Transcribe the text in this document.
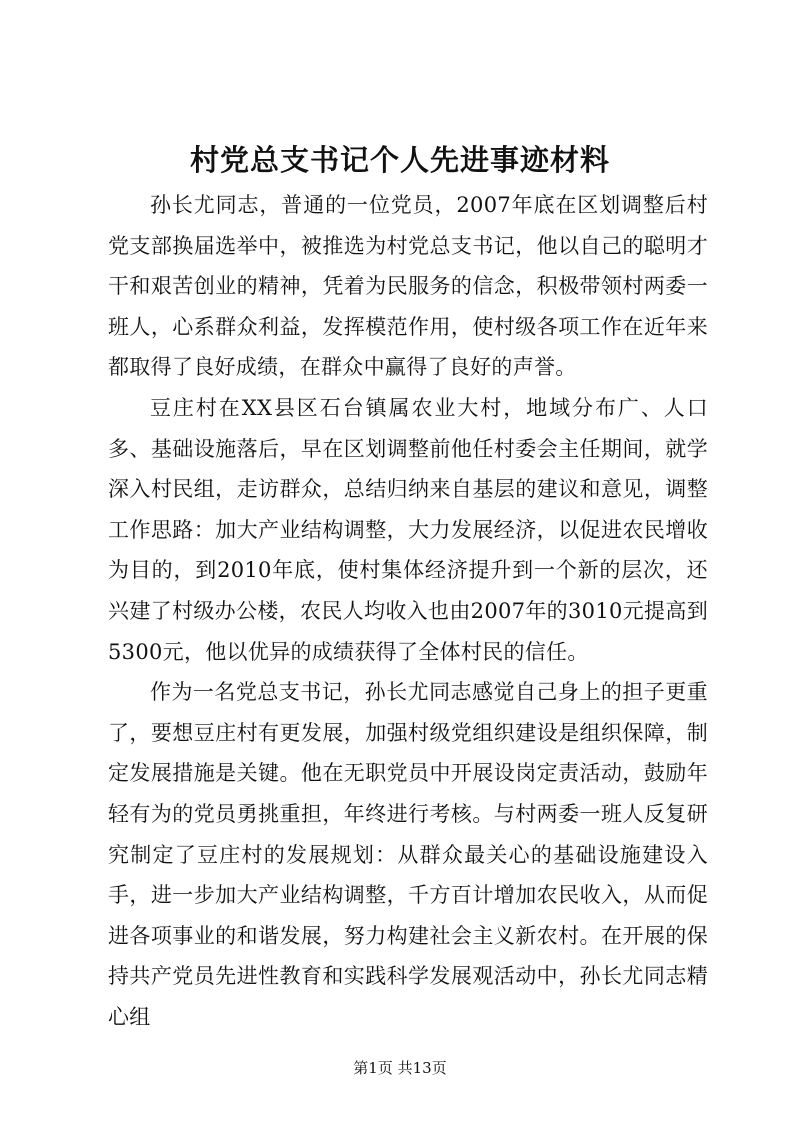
村党总支书记个人先进事迹材料

孙长尤同志，普通的一位党员，2007年底在区划调整后村党支部换届选举中，被推选为村党总支书记，他以自己的聪明才干和艰苦创业的精神，凭着为民服务的信念，积极带领村两委一班人，心系群众利益，发挥模范作用，使村级各项工作在近年来都取得了良好成绩，在群众中赢得了良好的声誉。

豆庄村在XX县区石台镇属农业大村，地域分布广、人口多、基础设施落后，早在区划调整前他任村委会主任期间，就学深入村民组，走访群众，总结归纳来自基层的建议和意见，调整工作思路：加大产业结构调整，大力发展经济，以促进农民增收为目的，到2010年底，使村集体经济提升到一个新的层次，还兴建了村级办公楼，农民人均收入也由2007年的3010元提高到5300元，他以优异的成绩获得了全体村民的信任。

作为一名党总支书记，孙长尤同志感觉自己身上的担子更重了，要想豆庄村有更发展，加强村级党组织建设是组织保障，制定发展措施是关键。他在无职党员中开展设岗定责活动，鼓励年轻有为的党员勇挑重担，年终进行考核。与村两委一班人反复研究制定了豆庄村的发展规划：从群众最关心的基础设施建设入手，进一步加大产业结构调整，千方百计增加农民收入，从而促进各项事业的和谐发展，努力构建社会主义新农村。在开展的保持共产党员先进性教育和实践科学发展观活动中，孙长尤同志精心组

第1页 共13页
